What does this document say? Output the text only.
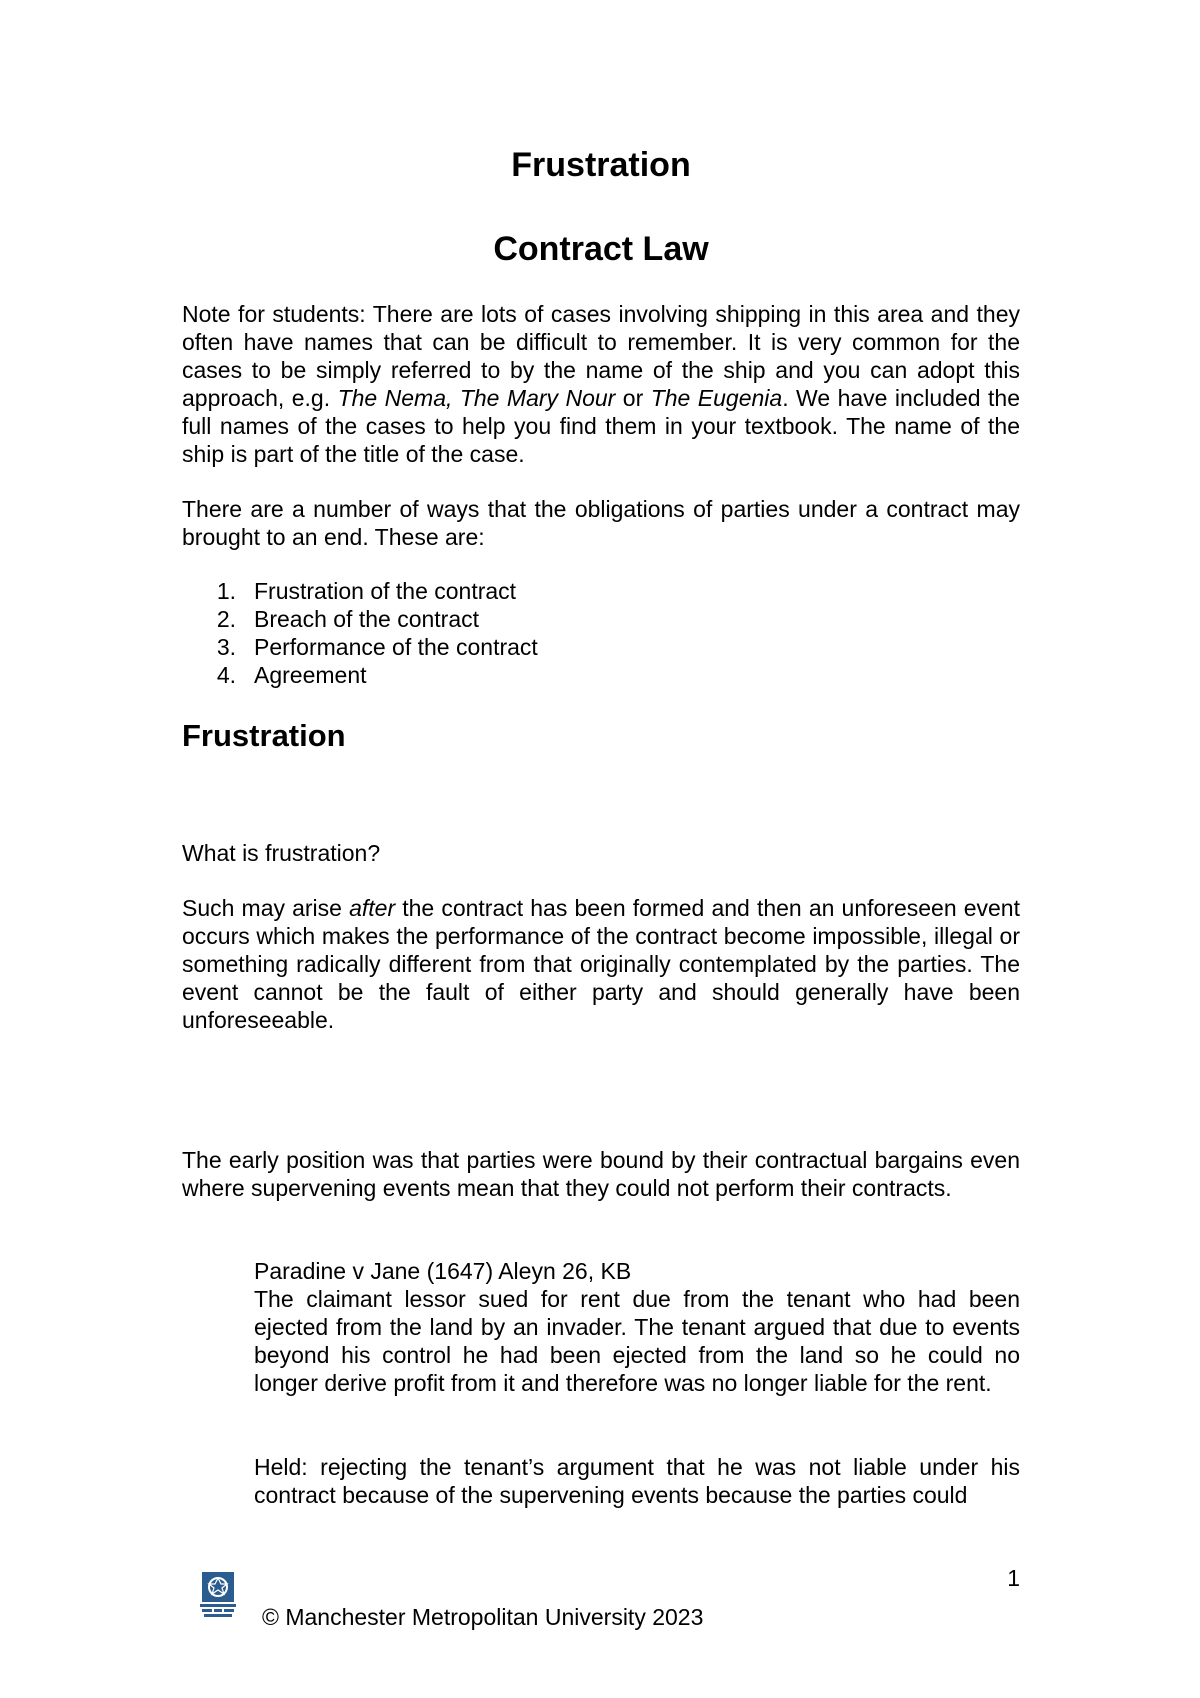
Frustration
Contract Law

Note for students: There are lots of cases involving shipping in this area and they often have names that can be difficult to remember. It is very common for the cases to be simply referred to by the name of the ship and you can adopt this approach, e.g. The Nema, The Mary Nour or The Eugenia. We have included the full names of the cases to help you find them in your textbook. The name of the ship is part of the title of the case.

There are a number of ways that the obligations of parties under a contract may brought to an end. These are:

1. Frustration of the contract
2. Breach of the contract
3. Performance of the contract
4. Agreement
Frustration

What is frustration?

Such may arise after the contract has been formed and then an unforeseen event occurs which makes the performance of the contract become impossible, illegal or something radically different from that originally contemplated by the parties. The event cannot be the fault of either party and should generally have been unforeseeable.

The early position was that parties were bound by their contractual bargains even where supervening events mean that they could not perform their contracts.

Paradine v Jane (1647) Aleyn 26, KB

The claimant lessor sued for rent due from the tenant who had been ejected from the land by an invader. The tenant argued that due to events beyond his control he had been ejected from the land so he could no longer derive profit from it and therefore was no longer liable for the rent.

Held: rejecting the tenant’s argument that he was not liable under his contract because of the supervening events because the parties could

1

© Manchester Metropolitan University 2023
